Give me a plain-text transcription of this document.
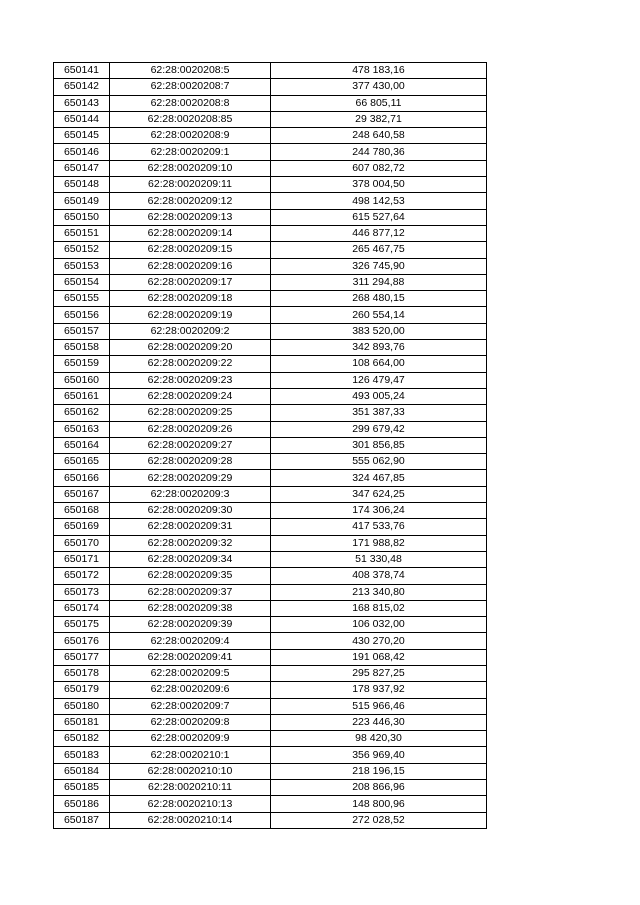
650141	62:28:0020208:5	478 183,16
650142	62:28:0020208:7	377 430,00
650143	62:28:0020208:8	66 805,11
650144	62:28:0020208:85	29 382,71
650145	62:28:0020208:9	248 640,58
650146	62:28:0020209:1	244 780,36
650147	62:28:0020209:10	607 082,72
650148	62:28:0020209:11	378 004,50
650149	62:28:0020209:12	498 142,53
650150	62:28:0020209:13	615 527,64
650151	62:28:0020209:14	446 877,12
650152	62:28:0020209:15	265 467,75
650153	62:28:0020209:16	326 745,90
650154	62:28:0020209:17	311 294,88
650155	62:28:0020209:18	268 480,15
650156	62:28:0020209:19	260 554,14
650157	62:28:0020209:2	383 520,00
650158	62:28:0020209:20	342 893,76
650159	62:28:0020209:22	108 664,00
650160	62:28:0020209:23	126 479,47
650161	62:28:0020209:24	493 005,24
650162	62:28:0020209:25	351 387,33
650163	62:28:0020209:26	299 679,42
650164	62:28:0020209:27	301 856,85
650165	62:28:0020209:28	555 062,90
650166	62:28:0020209:29	324 467,85
650167	62:28:0020209:3	347 624,25
650168	62:28:0020209:30	174 306,24
650169	62:28:0020209:31	417 533,76
650170	62:28:0020209:32	171 988,82
650171	62:28:0020209:34	51 330,48
650172	62:28:0020209:35	408 378,74
650173	62:28:0020209:37	213 340,80
650174	62:28:0020209:38	168 815,02
650175	62:28:0020209:39	106 032,00
650176	62:28:0020209:4	430 270,20
650177	62:28:0020209:41	191 068,42
650178	62:28:0020209:5	295 827,25
650179	62:28:0020209:6	178 937,92
650180	62:28:0020209:7	515 966,46
650181	62:28:0020209:8	223 446,30
650182	62:28:0020209:9	98 420,30
650183	62:28:0020210:1	356 969,40
650184	62:28:0020210:10	218 196,15
650185	62:28:0020210:11	208 866,96
650186	62:28:0020210:13	148 800,96
650187	62:28:0020210:14	272 028,52
